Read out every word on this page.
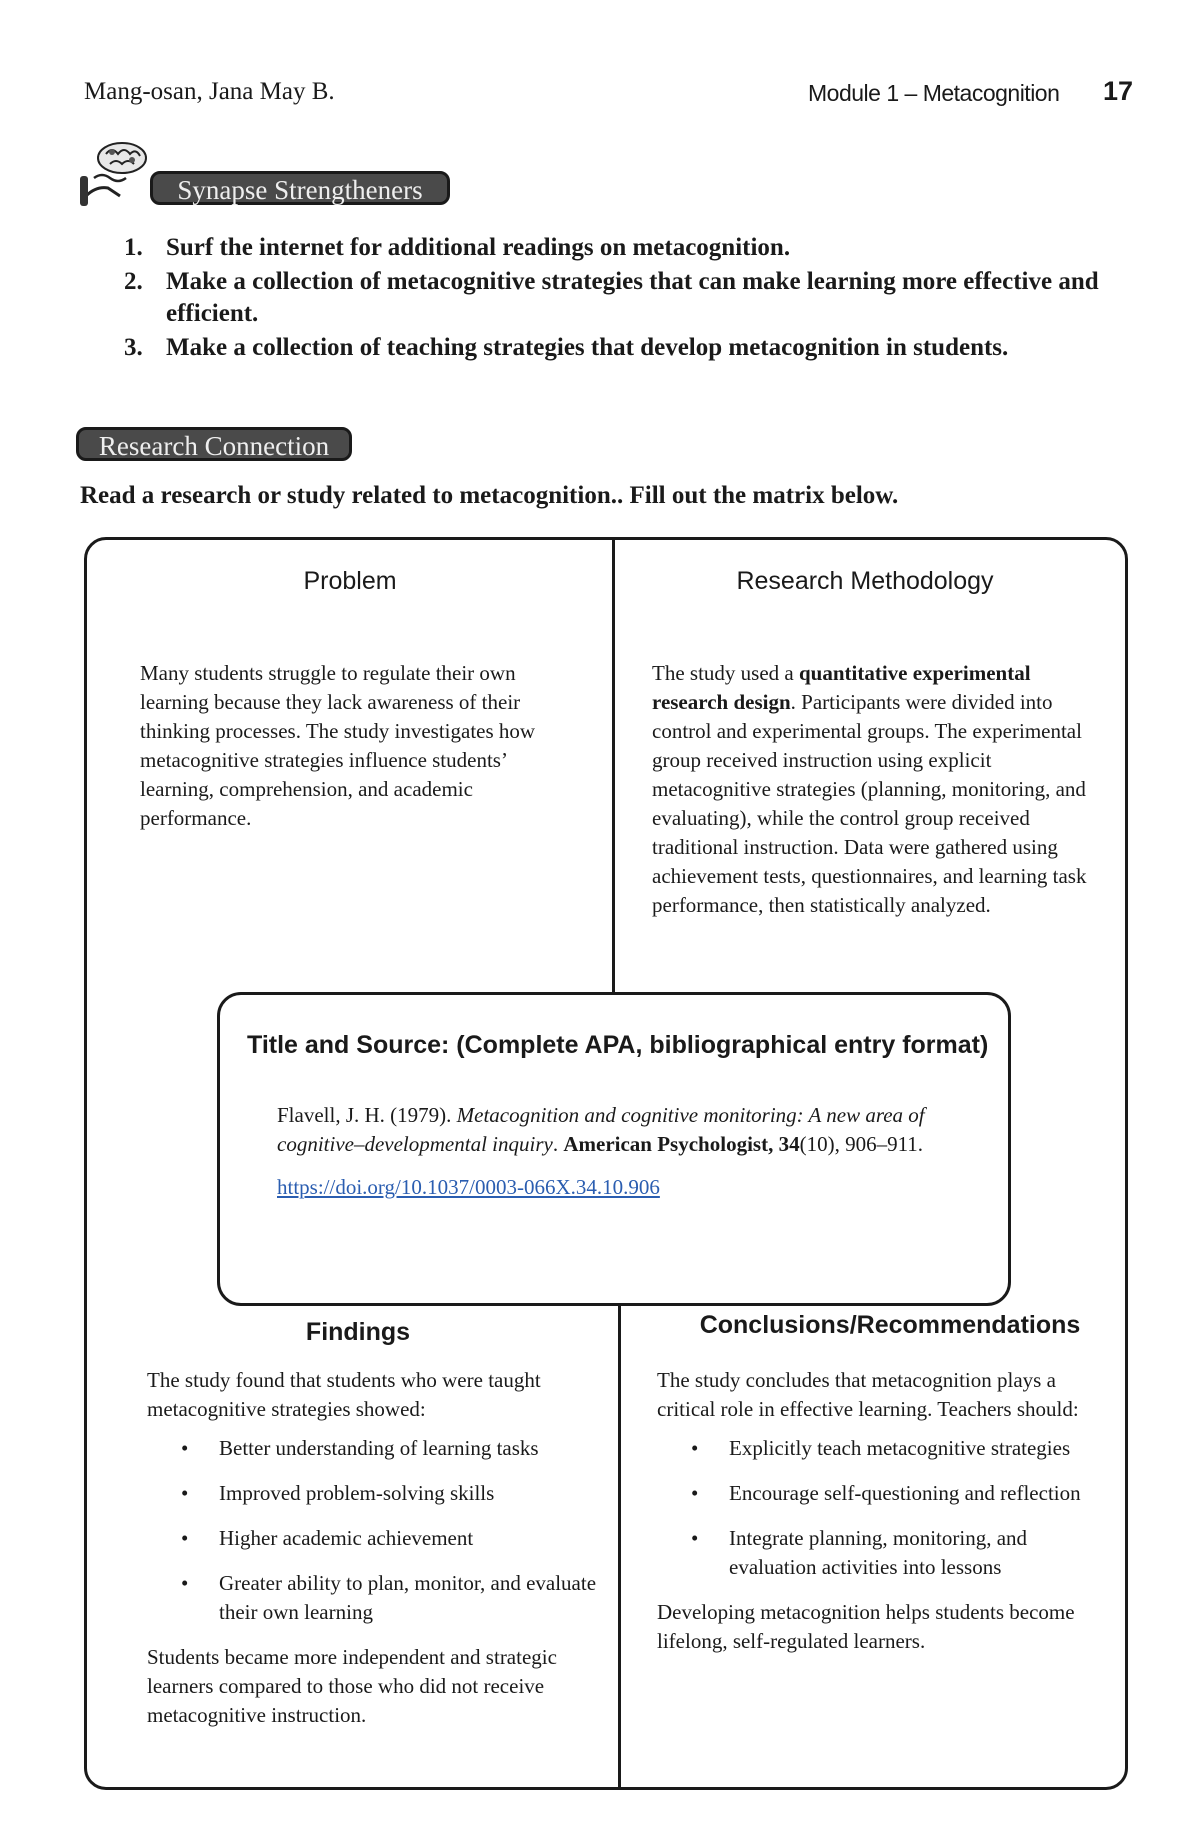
Mang-osan, Jana May B.	Module 1 – Metacognition 17
Synapse Strengtheners
1. Surf the internet for additional readings on metacognition.
2. Make a collection of metacognitive strategies that can make learning more effective and efficient.
3. Make a collection of teaching strategies that develop metacognition in students.
Research Connection
Read a research or study related to metacognition.. Fill out the matrix below.
Problem
Many students struggle to regulate their own learning because they lack awareness of their thinking processes. The study investigates how metacognitive strategies influence students’ learning, comprehension, and academic performance.
Research Methodology
The study used a quantitative experimental research design. Participants were divided into control and experimental groups. The experimental group received instruction using explicit metacognitive strategies (planning, monitoring, and evaluating), while the control group received traditional instruction. Data were gathered using achievement tests, questionnaires, and learning task performance, then statistically analyzed.
Title and Source: (Complete APA, bibliographical entry format)
Flavell, J. H. (1979). Metacognition and cognitive monitoring: A new area of cognitive–developmental inquiry. American Psychologist, 34(10), 906–911.
https://doi.org/10.1037/0003-066X.34.10.906
Findings
The study found that students who were taught metacognitive strategies showed:
• Better understanding of learning tasks
• Improved problem-solving skills
• Higher academic achievement
• Greater ability to plan, monitor, and evaluate their own learning
Students became more independent and strategic learners compared to those who did not receive metacognitive instruction.
Conclusions/Recommendations
The study concludes that metacognition plays a critical role in effective learning. Teachers should:
• Explicitly teach metacognitive strategies
• Encourage self-questioning and reflection
• Integrate planning, monitoring, and evaluation activities into lessons
Developing metacognition helps students become lifelong, self-regulated learners.
